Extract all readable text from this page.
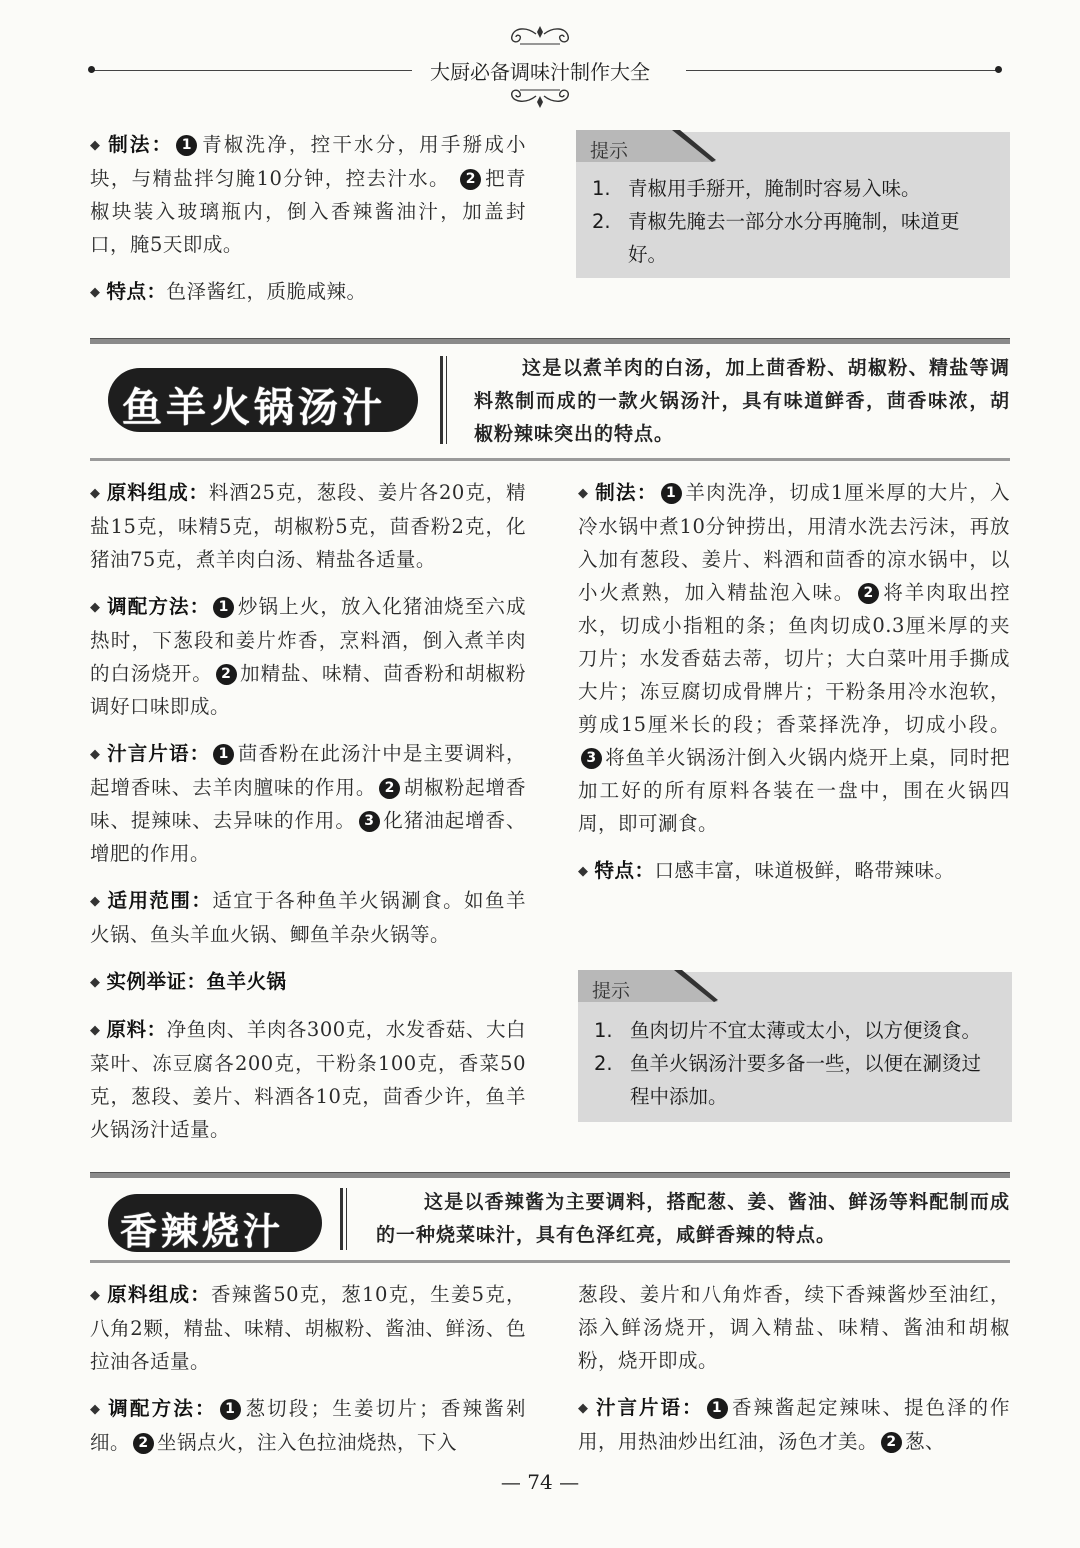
大厨必备调味汁制作大全

◆ 制法： 1 青椒洗净，控干水分，用手掰成小块，与精盐拌匀腌10分钟，控去汁水。 2 把青椒块装入玻璃瓶内，倒入香辣酱油汁，加盖封口，腌5天即成。

◆ 特点：色泽酱红，质脆咸辣。

提示
1. 青椒用手掰开，腌制时容易入味。
2. 青椒先腌去一部分水分再腌制，味道更好。
鱼羊火锅汤汁
这是以煮羊肉的白汤，加上茴香粉、胡椒粉、精盐等调料熬制而成的一款火锅汤汁，具有味道鲜香，茴香味浓，胡椒粉辣味突出的特点。

◆ 原料组成：料酒25克，葱段、姜片各20克，精盐15克，味精5克，胡椒粉5克，茴香粉2克，化猪油75克，煮羊肉白汤、精盐各适量。

◆ 调配方法： 1 炒锅上火，放入化猪油烧至六成热时，下葱段和姜片炸香，烹料酒，倒入煮羊肉的白汤烧开。 2 加精盐、味精、茴香粉和胡椒粉调好口味即成。

◆ 汁言片语： 1 茴香粉在此汤汁中是主要调料，起增香味、去羊肉膻味的作用。 2 胡椒粉起增香味、提辣味、去异味的作用。 3 化猪油起增香、增肥的作用。

◆ 适用范围：适宜于各种鱼羊火锅涮食。如鱼羊火锅、鱼头羊血火锅、鲫鱼羊杂火锅等。

◆ 实例举证：鱼羊火锅

◆ 原料：净鱼肉、羊肉各300克，水发香菇、大白菜叶、冻豆腐各200克，干粉条100克，香菜50克，葱段、姜片、料酒各10克，茴香少许，鱼羊火锅汤汁适量。

◆ 制法： 1 羊肉洗净，切成1厘米厚的大片，入冷水锅中煮10分钟捞出，用清水洗去污沫，再放入加有葱段、姜片、料酒和茴香的凉水锅中，以小火煮熟，加入精盐泡入味。 2 将羊肉取出控水，切成小指粗的条；鱼肉切成0.3厘米厚的夹刀片；水发香菇去蒂，切片；大白菜叶用手撕成大片；冻豆腐切成骨牌片；干粉条用冷水泡软，剪成15厘米长的段；香菜择洗净，切成小段。3 将鱼羊火锅汤汁倒入火锅内烧开上桌，同时把加工好的所有原料各装在一盘中，围在火锅四周，即可涮食。

◆ 特点：口感丰富，味道极鲜，略带辣味。

提示
1. 鱼肉切片不宜太薄或太小，以方便烫食。
2. 鱼羊火锅汤汁要多备一些，以便在涮烫过程中添加。
香辣烧汁
这是以香辣酱为主要调料，搭配葱、姜、酱油、鲜汤等料配制而成的一种烧菜味汁，具有色泽红亮，咸鲜香辣的特点。

◆ 原料组成：香辣酱50克，葱10克，生姜5克，八角2颗，精盐、味精、胡椒粉、酱油、鲜汤、色拉油各适量。

◆ 调配方法： 1 葱切段；生姜切片；香辣酱剁细。 2 坐锅点火，注入色拉油烧热，下入

葱段、姜片和八角炸香，续下香辣酱炒至油红，添入鲜汤烧开，调入精盐、味精、酱油和胡椒粉，烧开即成。

◆ 汁言片语： 1 香辣酱起定辣味、提色泽的作用，用热油炒出红油，汤色才美。 2 葱、

— 74 —
